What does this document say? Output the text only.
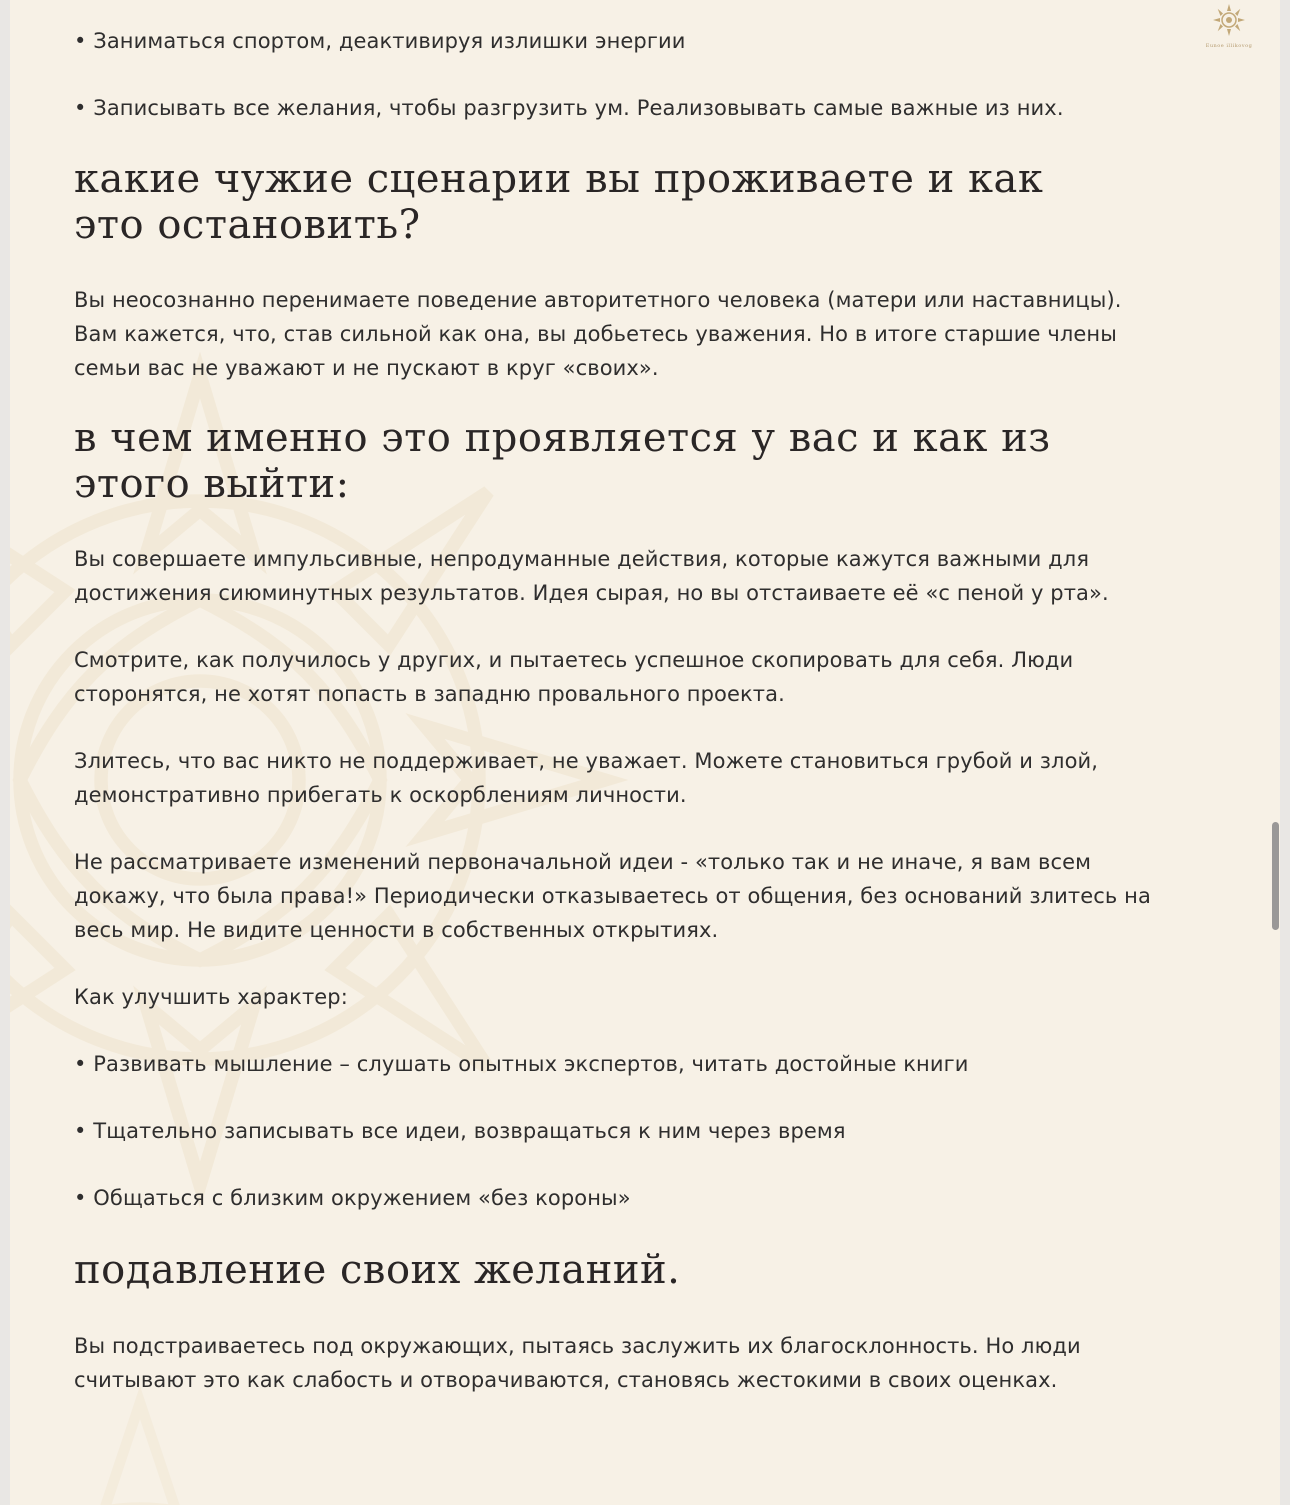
Eunoe illikovog

• Заниматься спортом, деактивируя излишки энергии

• Записывать все желания, чтобы разгрузить ум. Реализовывать самые важные из них.

какие чужие сценарии вы проживаете и как это остановить?

Вы неосознанно перенимаете поведение авторитетного человека (матери или наставницы). Вам кажется, что, став сильной как она, вы добьетесь уважения. Но в итоге старшие члены семьи вас не уважают и не пускают в круг «своих».

в чем именно это проявляется у вас и как из этого выйти:

Вы совершаете импульсивные, непродуманные действия, которые кажутся важными для достижения сиюминутных результатов. Идея сырая, но вы отстаиваете её «с пеной у рта».

Смотрите, как получилось у других, и пытаетесь успешное скопировать для себя. Люди сторонятся, не хотят попасть в западню провального проекта.

Злитесь, что вас никто не поддерживает, не уважает. Можете становиться грубой и злой, демонстративно прибегать к оскорблениям личности.

Не рассматриваете изменений первоначальной идеи - «только так и не иначе, я вам всем докажу, что была права!» Периодически отказываетесь от общения, без оснований злитесь на весь мир. Не видите ценности в собственных открытиях.

Как улучшить характер:

• Развивать мышление – слушать опытных экспертов, читать достойные книги

• Тщательно записывать все идеи, возвращаться к ним через время

• Общаться с близким окружением «без короны»

подавление своих желаний.

Вы подстраиваетесь под окружающих, пытаясь заслужить их благосклонность. Но люди считывают это как слабость и отворачиваются, становясь жестокими в своих оценках.
